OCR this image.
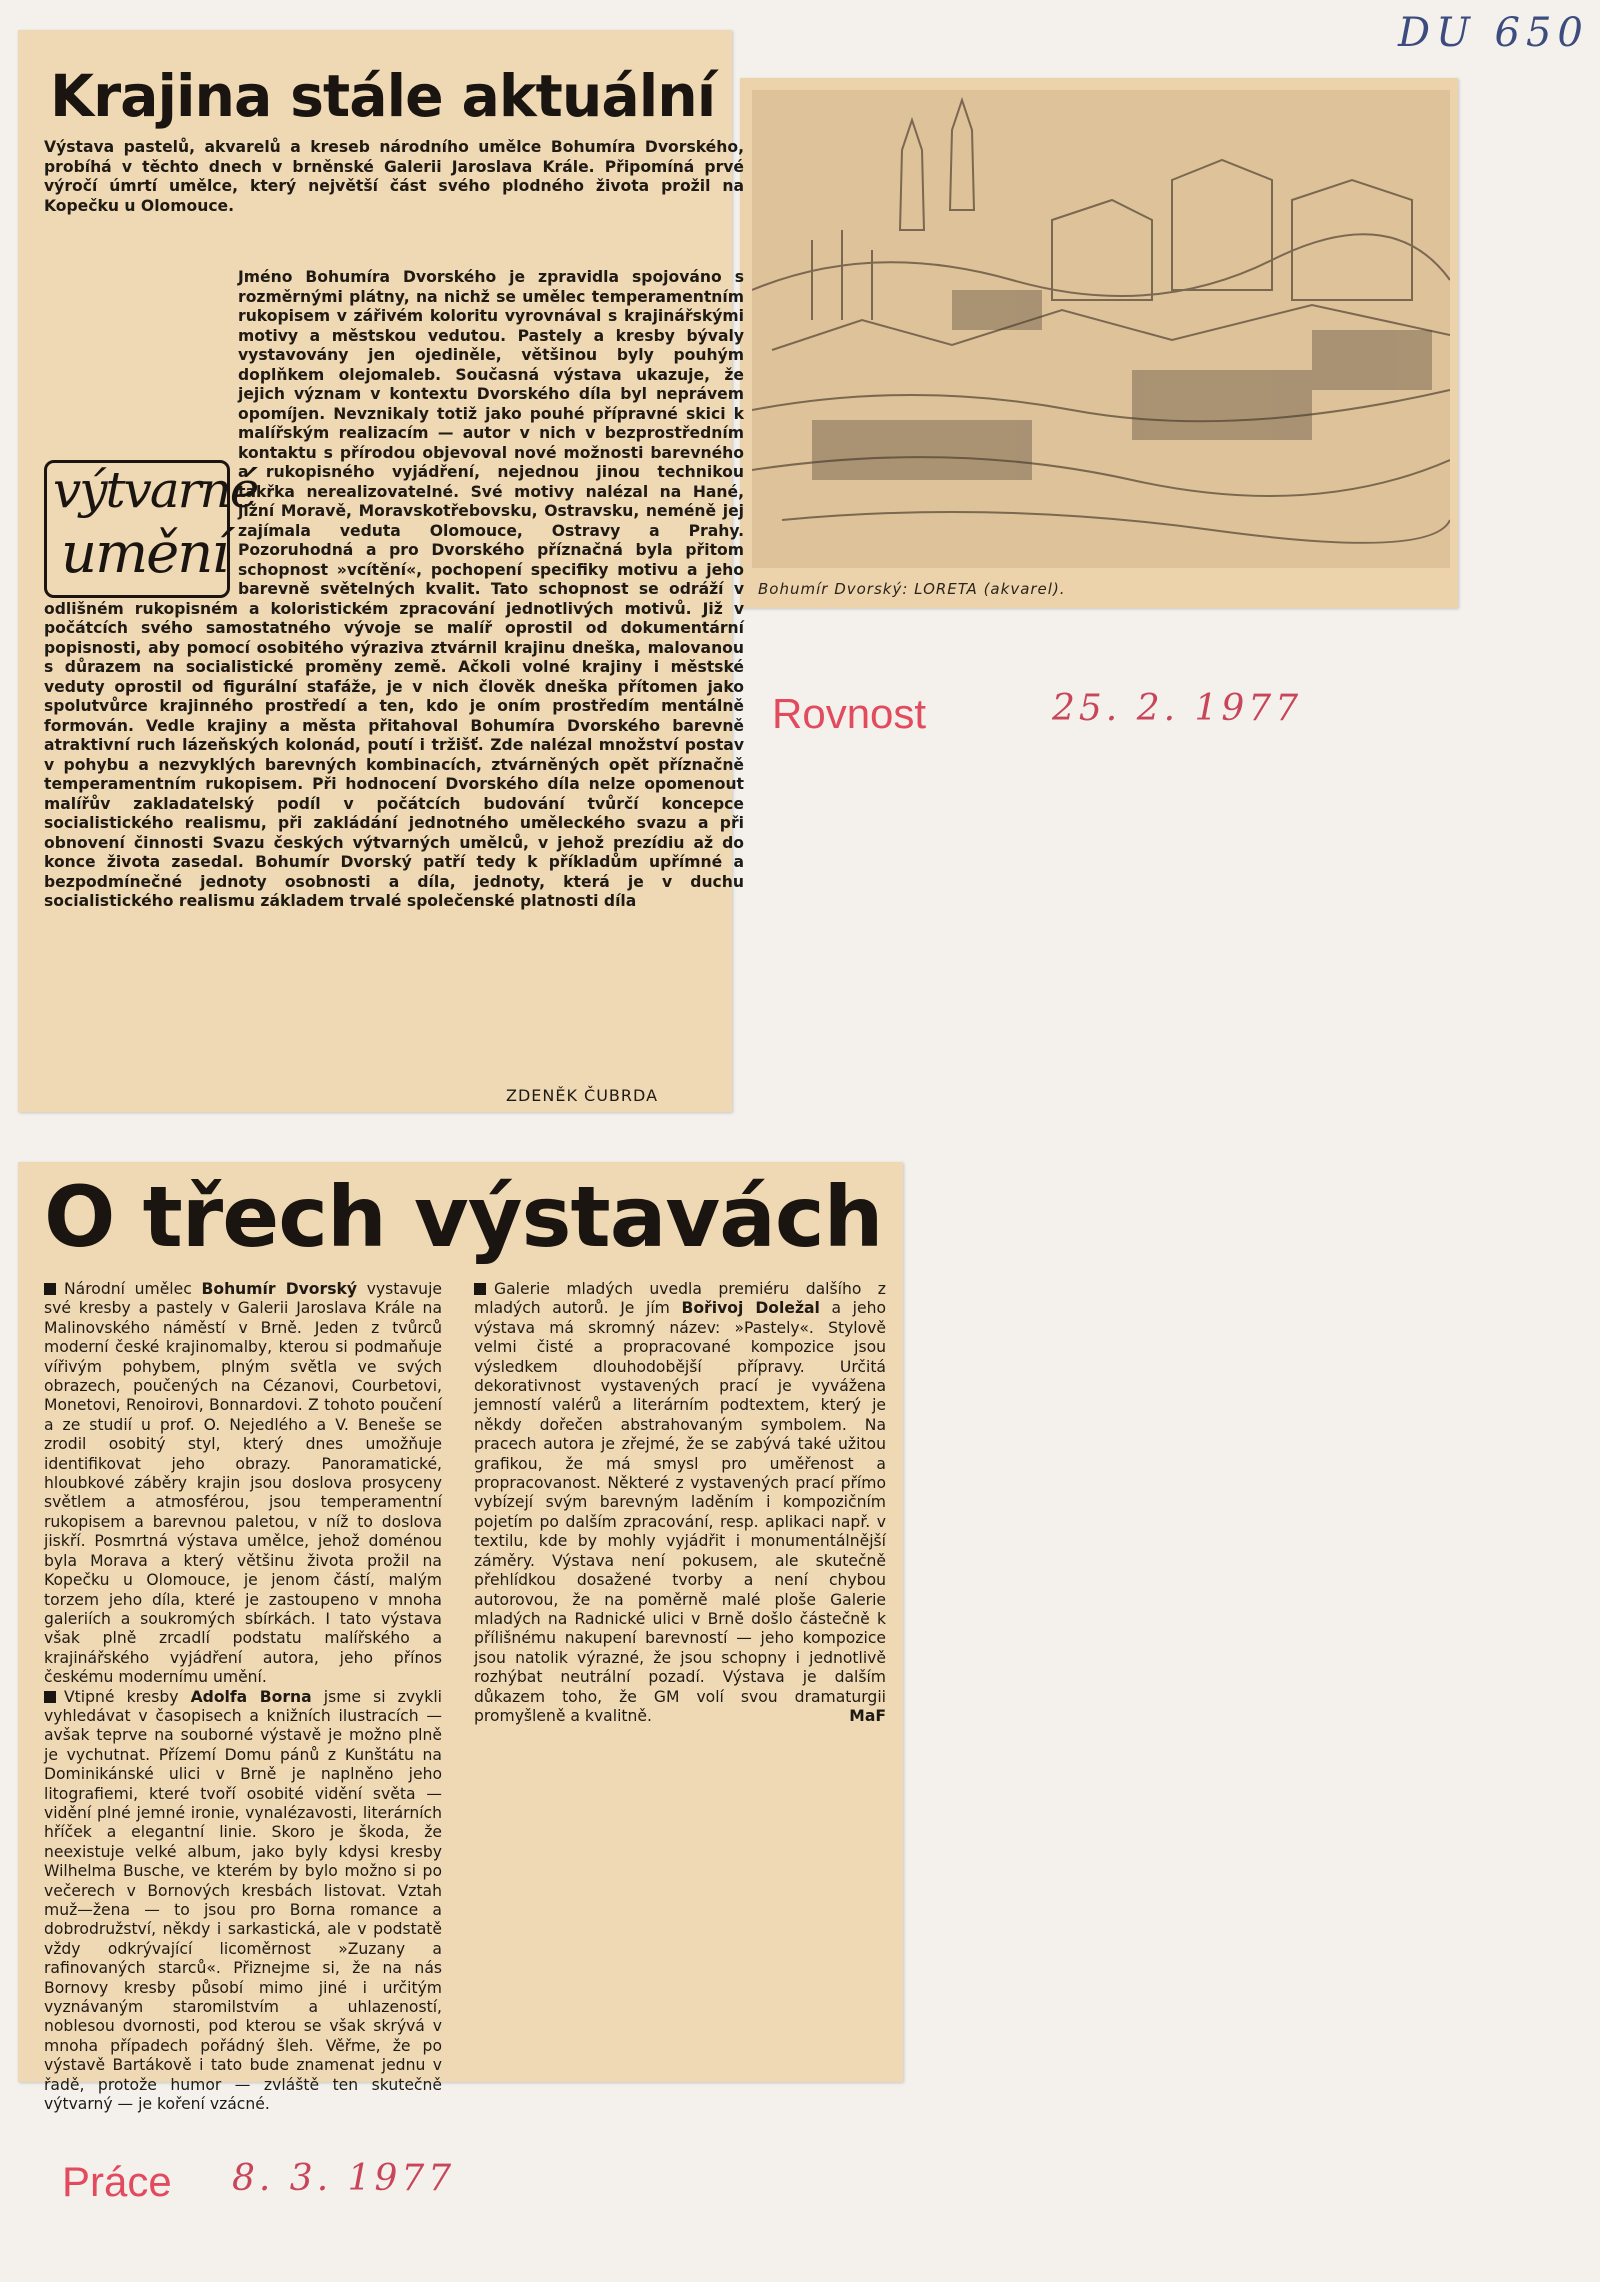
DU 650
Krajina stále aktuální

Výstava pastelů, akvarelů a kreseb národního umělce Bohumíra Dvorského, probíhá v těchto dnech v brněnské Galerii Jaroslava Krále. Připomíná prvé výročí úmrtí umělce, který největší část svého plodného života prožil na Kopečku u Olomouce.

Jméno Bohumíra Dvorského je zpravidla spojováno s rozměrnými plátny, na nichž se umělec temperamentním rukopisem v zářivém koloritu vyrovnával s krajinářskými motivy a městskou vedutou. Pastely a kresby bývaly vystavovány jen ojediněle, většinou byly pouhým doplňkem olejomaleb. Současná výstava ukazuje, že jejich význam v kontextu Dvorského díla byl neprávem opomíjen. Nevznikaly totiž jako pouhé přípravné skici k malířským realizacím — autor v nich v bezprostředním kontaktu s přírodou objevoval nové možnosti barevného a rukopisného vyjádření, nejednou jinou technikou takřka nerealizovatelné. Své motivy nalézal na Hané, jižní Moravě, Moravskotřebovsku, Ostravsku, neméně jej zajímala veduta Olomouce, Ostravy a Prahy. Pozoruhodná a pro Dvorského příznačná byla přitom schopnost »vcítění«, pochopení specifiky motivu a jeho barevně světelných kvalit. Tato schopnost se odráží v odlišném rukopisném a koloristickém zpracování jednotlivých motivů. Již v počátcích svého samostatného vývoje se malíř oprostil od dokumentární popisnosti, aby pomocí osobitého výraziva ztvárnil krajinu dneška, malovanou s důrazem na socialistické proměny země. Ačkoli volné krajiny i městské veduty oprostil od figurální stafáže, je v nich člověk dneška přítomen jako spolutvůrce krajinného prostředí a ten, kdo je oním prostředím mentálně formován. Vedle krajiny a města přitahoval Bohumíra Dvorského barevně atraktivní ruch lázeňských kolonád, poutí i tržišť. Zde nalézal množství postav v pohybu a nezvyklých barevných kombinacích, ztvárněných opět příznačně temperamentním rukopisem. Při hodnocení Dvorského díla nelze opomenout malířův zakladatelský podíl v počátcích budování tvůrčí koncepce socialistického realismu, při zakládání jednotného uměleckého svazu a při obnovení činnosti Svazu českých výtvarných umělců, v jehož prezídiu až do konce života zasedal. Bohumír Dvorský patří tedy k příkladům upřímné a bezpodmínečné jednoty osobnosti a díla, jednoty, která je v duchu socialistického realismu základem trvalé společenské platnosti díla

výtvarné
umění
ZDENĚK ČUBRDA
Bohumír Dvorský: LORETA (akvarel).
Rovnost	25. 2. 1977
O třech výstavách

Národní umělec Bohumír Dvorský vystavuje své kresby a pastely v Galerii Jaroslava Krále na Malinovského náměstí v Brně. Jeden z tvůrců moderní české krajinomalby, kterou si podmaňuje vířivým pohybem, plným světla ve svých obrazech, poučených na Cézanovi, Courbetovi, Monetovi, Renoirovi, Bonnardovi. Z tohoto poučení a ze studií u prof. O. Nejedlého a V. Beneše se zrodil osobitý styl, který dnes umožňuje identifikovat jeho obrazy. Panoramatické, hloubkové záběry krajin jsou doslova prosyceny světlem a atmosférou, jsou temperamentní rukopisem a barevnou paletou, v níž to doslova jiskří. Posmrtná výstava umělce, jehož doménou byla Morava a který většinu života prožil na Kopečku u Olomouce, je jenom částí, malým torzem jeho díla, které je zastoupeno v mnoha galeriích a soukromých sbírkách. I tato výstava však plně zrcadlí podstatu malířského a krajinářského vyjádření autora, jeho přínos českému modernímu umění.

Vtipné kresby Adolfa Borna jsme si zvykli vyhledávat v časopisech a knižních ilustracích — avšak teprve na souborné výstavě je možno plně je vychutnat. Přízemí Domu pánů z Kunštátu na Dominikánské ulici v Brně je naplněno jeho litografiemi, které tvoří osobité vidění světa — vidění plné jemné ironie, vynalézavosti, literárních hříček a elegantní linie. Skoro je škoda, že neexistuje velké album, jako byly kdysi kresby Wilhelma Busche, ve kterém by bylo možno si po večerech v Bornových kresbách listovat. Vztah muž—žena — to jsou pro Borna romance a dobrodružství, někdy i sarkastická, ale v podstatě vždy odkrývající licoměrnost »Zuzany a rafinovaných starců«. Přiznejme si, že na nás Bornovy kresby působí mimo jiné i určitým vyznávaným staromilstvím a uhlazeností, noblesou dvornosti, pod kterou se však skrývá v mnoha případech pořádný šleh. Věřme, že po výstavě Bartákově i tato bude znamenat jednu v řadě, protože humor — zvláště ten skutečně výtvarný — je koření vzácné.

Galerie mladých uvedla premiéru dalšího z mladých autorů. Je jím Bořivoj Doležal a jeho výstava má skromný název: »Pastely«. Stylově velmi čisté a propracované kompozice jsou výsledkem dlouhodobější přípravy. Určitá dekorativnost vystavených prací je vyvážena jemností valérů a literárním podtextem, který je někdy dořečen abstrahovaným symbolem. Na pracech autora je zřejmé, že se zabývá také užitou grafikou, že má smysl pro uměřenost a propracovanost. Některé z vystavených prací přímo vybízejí svým barevným laděním i kompozičním pojetím po dalším zpracování, resp. aplikaci např. v textilu, kde by mohly vyjádřit i monumentálnější záměry. Výstava není pokusem, ale skutečně přehlídkou dosažené tvorby a není chybou autorovou, že na poměrně malé ploše Galerie mladých na Radnické ulici v Brně došlo částečně k přílišnému nakupení barevností — jeho kompozice jsou natolik výrazné, že jsou schopny i jednotlivě rozhýbat neutrální pozadí. Výstava je dalším důkazem toho, že GM volí svou dramaturgii promyšleně a kvalitně.	MaF
Práce 8. 3. 1977
